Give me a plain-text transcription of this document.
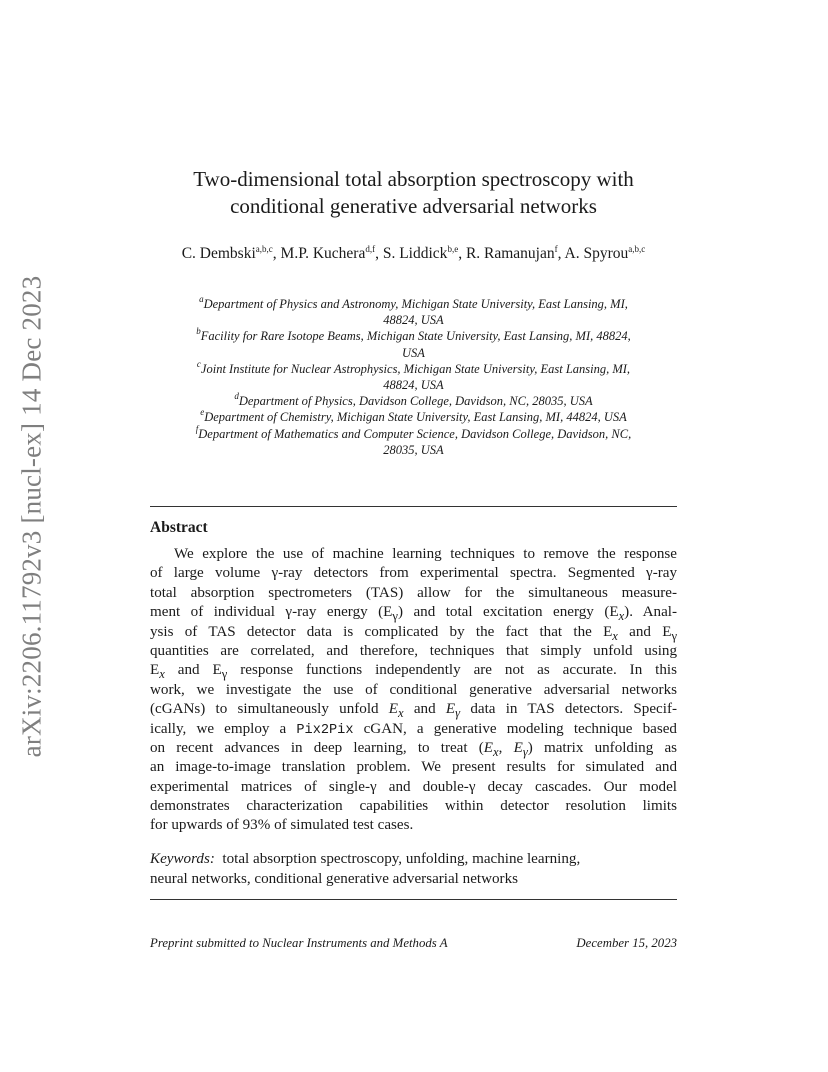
arXiv:2206.11792v3 [nucl-ex] 14 Dec 2023
Two-dimensional total absorption spectroscopy with
conditional generative adversarial networks
C. Dembski$^{a,b,c}$, M.P. Kuchera$^{d,f}$, S. Liddick$^{b,e}$, R. Ramanujan$^f$, A. Spyrou$^{a,b,c}$
$^a$Department of Physics and Astronomy, Michigan State University, East Lansing, MI,
48824, USA
$^b$Facility for Rare Isotope Beams, Michigan State University, East Lansing, MI, 48824,
USA
$^c$Joint Institute for Nuclear Astrophysics, Michigan State University, East Lansing, MI,
48824, USA
$^d$Department of Physics, Davidson College, Davidson, NC, 28035, USA
$^e$Department of Chemistry, Michigan State University, East Lansing, MI, 44824, USA
$^f$Department of Mathematics and Computer Science, Davidson College, Davidson, NC,
28035, USA
Abstract
We explore the use of machine learning techniques to remove the response
of large volume γ-ray detectors from experimental spectra. Segmented γ-ray
total absorption spectrometers (TAS) allow for the simultaneous measure-
ment of individual γ-ray energy $(E_\gamma)$ and total excitation energy $(E_x)$. Anal-
ysis of TAS detector data is complicated by the fact that the $E_x$ and $E_\gamma$
quantities are correlated, and therefore, techniques that simply unfold using
$E_x$ and $E_\gamma$ response functions independently are not as accurate. In this
work, we investigate the use of conditional generative adversarial networks
(cGANs) to simultaneously unfold $E_x$ and $E_\gamma$ data in TAS detectors. Specif-
ically, we employ a Pix2Pix cGAN, a generative modeling technique based
on recent advances in deep learning, to treat ($E_x$, $E_\gamma$) matrix unfolding as
an image-to-image translation problem. We present results for simulated and
experimental matrices of single-γ and double-γ decay cascades. Our model
demonstrates characterization capabilities within detector resolution limits
for upwards of 93% of simulated test cases.
Keywords: total absorption spectroscopy, unfolding, machine learning,
neural networks, conditional generative adversarial networks
Preprint submitted to Nuclear Instruments and Methods A	December 15, 2023
